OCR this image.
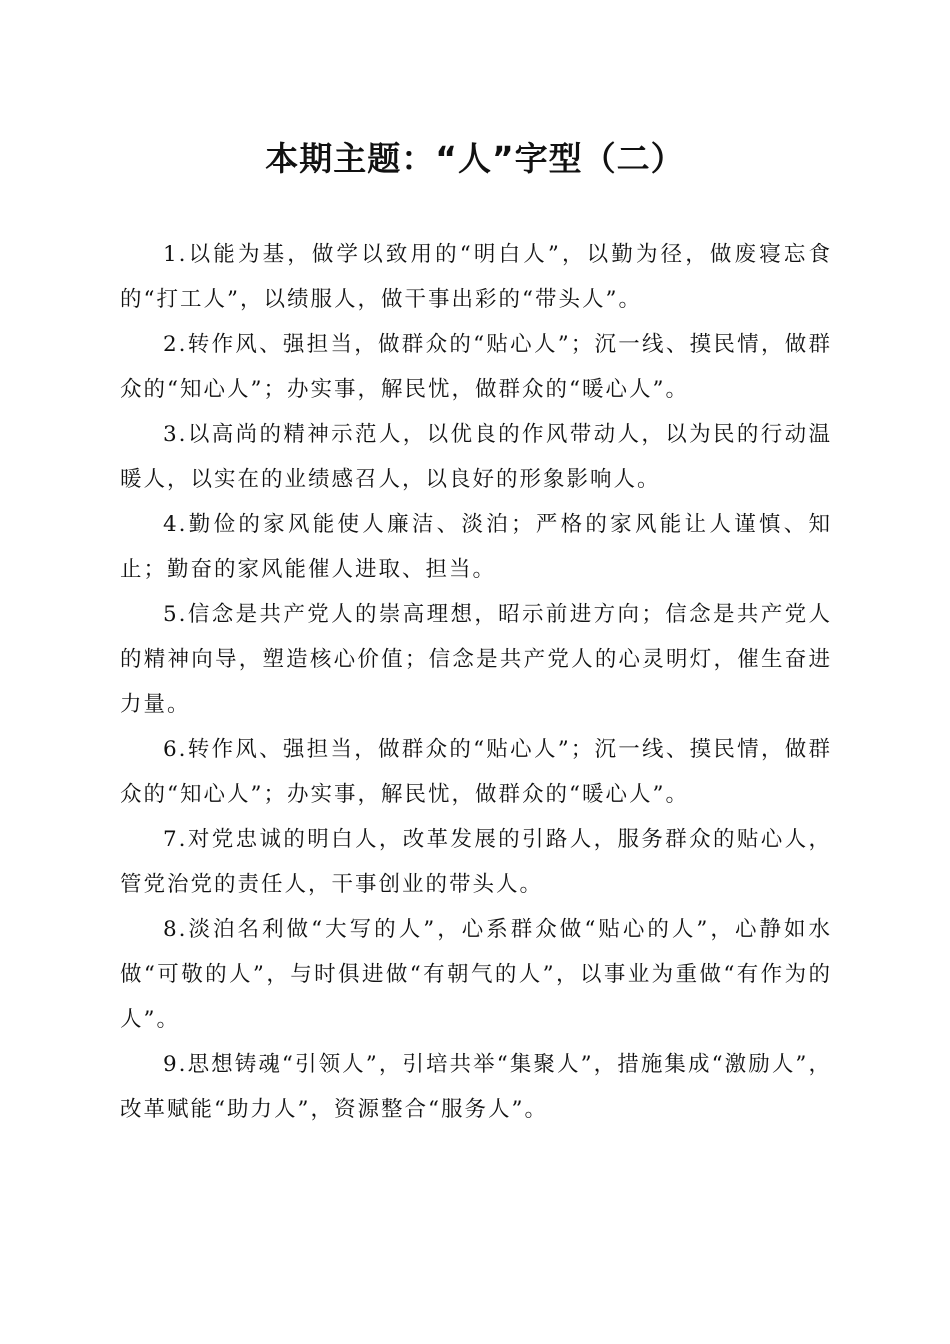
本期主题：“人”字型（二）

1.以能为基，做学以致用的“明白人”，以勤为径，做废寝忘食的“打工人”，以绩服人，做干事出彩的“带头人”。

2.转作风、强担当，做群众的“贴心人”；沉一线、摸民情，做群众的“知心人”；办实事，解民忧，做群众的“暖心人”。

3.以高尚的精神示范人，以优良的作风带动人，以为民的行动温暖人，以实在的业绩感召人，以良好的形象影响人。

4.勤俭的家风能使人廉洁、淡泊；严格的家风能让人谨慎、知止；勤奋的家风能催人进取、担当。

5.信念是共产党人的崇高理想，昭示前进方向；信念是共产党人的精神向导，塑造核心价值；信念是共产党人的心灵明灯，催生奋进力量。

6.转作风、强担当，做群众的“贴心人”；沉一线、摸民情，做群众的“知心人”；办实事，解民忧，做群众的“暖心人”。

7.对党忠诚的明白人，改革发展的引路人，服务群众的贴心人，管党治党的责任人，干事创业的带头人。

8.淡泊名利做“大写的人”，心系群众做“贴心的人”，心静如水做“可敬的人”，与时俱进做“有朝气的人”，以事业为重做“有作为的人”。

9.思想铸魂“引领人”，引培共举“集聚人”，措施集成“激励人”，改革赋能“助力人”，资源整合“服务人”。
